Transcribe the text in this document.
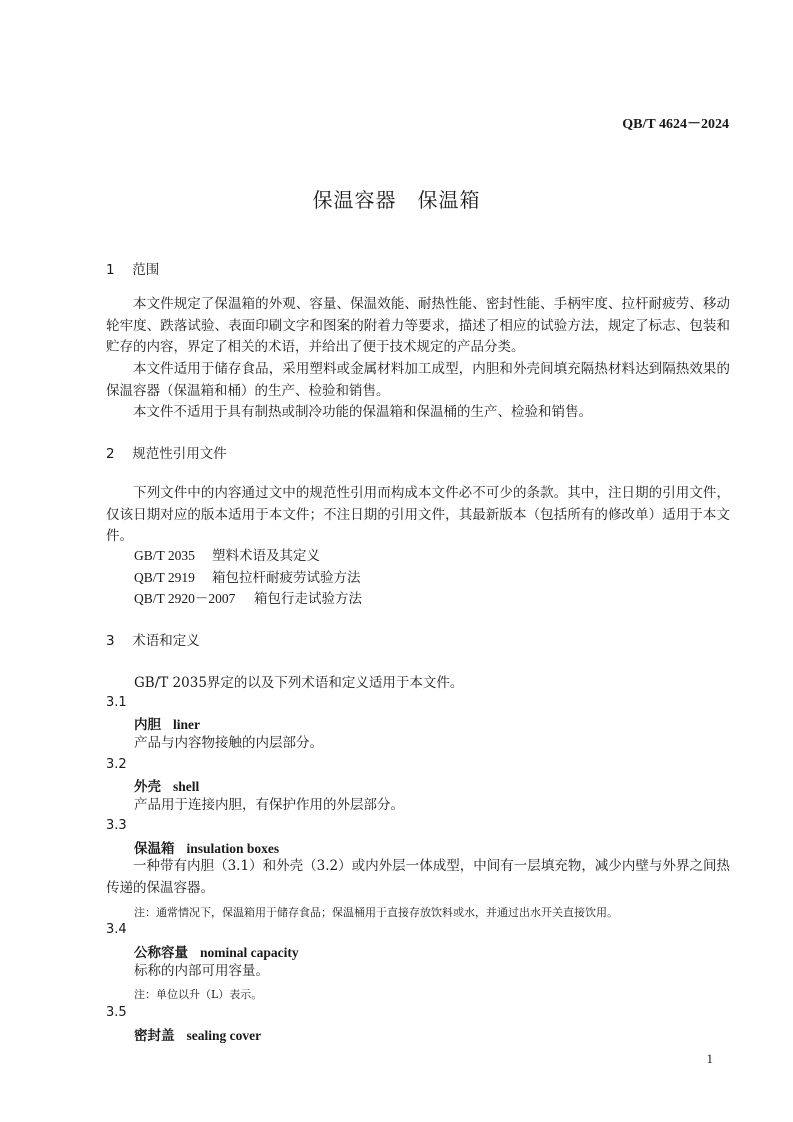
QB/T 4624－2024
保温容器　保温箱
1 范围
本文件规定了保温箱的外观、容量、保温效能、耐热性能、密封性能、手柄牢度、拉杆耐疲劳、移动轮牢度、跌落试验、表面印刷文字和图案的附着力等要求，描述了相应的试验方法，规定了标志、包装和贮存的内容，界定了相关的术语，并给出了便于技术规定的产品分类。
本文件适用于储存食品，采用塑料或金属材料加工成型，内胆和外壳间填充隔热材料达到隔热效果的保温容器（保温箱和桶）的生产、检验和销售。
本文件不适用于具有制热或制冷功能的保温箱和保温桶的生产、检验和销售。
2 规范性引用文件
下列文件中的内容通过文中的规范性引用而构成本文件必不可少的条款。其中，注日期的引用文件，仅该日期对应的版本适用于本文件；不注日期的引用文件，其最新版本（包括所有的修改单）适用于本文件。
GB/T 2035 塑料术语及其定义
QB/T 2919 箱包拉杆耐疲劳试验方法
QB/T 2920－2007 箱包行走试验方法
3 术语和定义
GB/T 2035界定的以及下列术语和定义适用于本文件。
3.1
内胆 liner
产品与内容物接触的内层部分。
3.2
外壳 shell
产品用于连接内胆，有保护作用的外层部分。
3.3
保温箱 insulation boxes
一种带有内胆（3.1）和外壳（3.2）或内外层一体成型，中间有一层填充物，减少内壁与外界之间热传递的保温容器。
注：通常情况下，保温箱用于储存食品；保温桶用于直接存放饮料或水，并通过出水开关直接饮用。
3.4
公称容量 nominal capacity
标称的内部可用容量。
注：单位以升（L）表示。
3.5
密封盖 sealing cover
1
